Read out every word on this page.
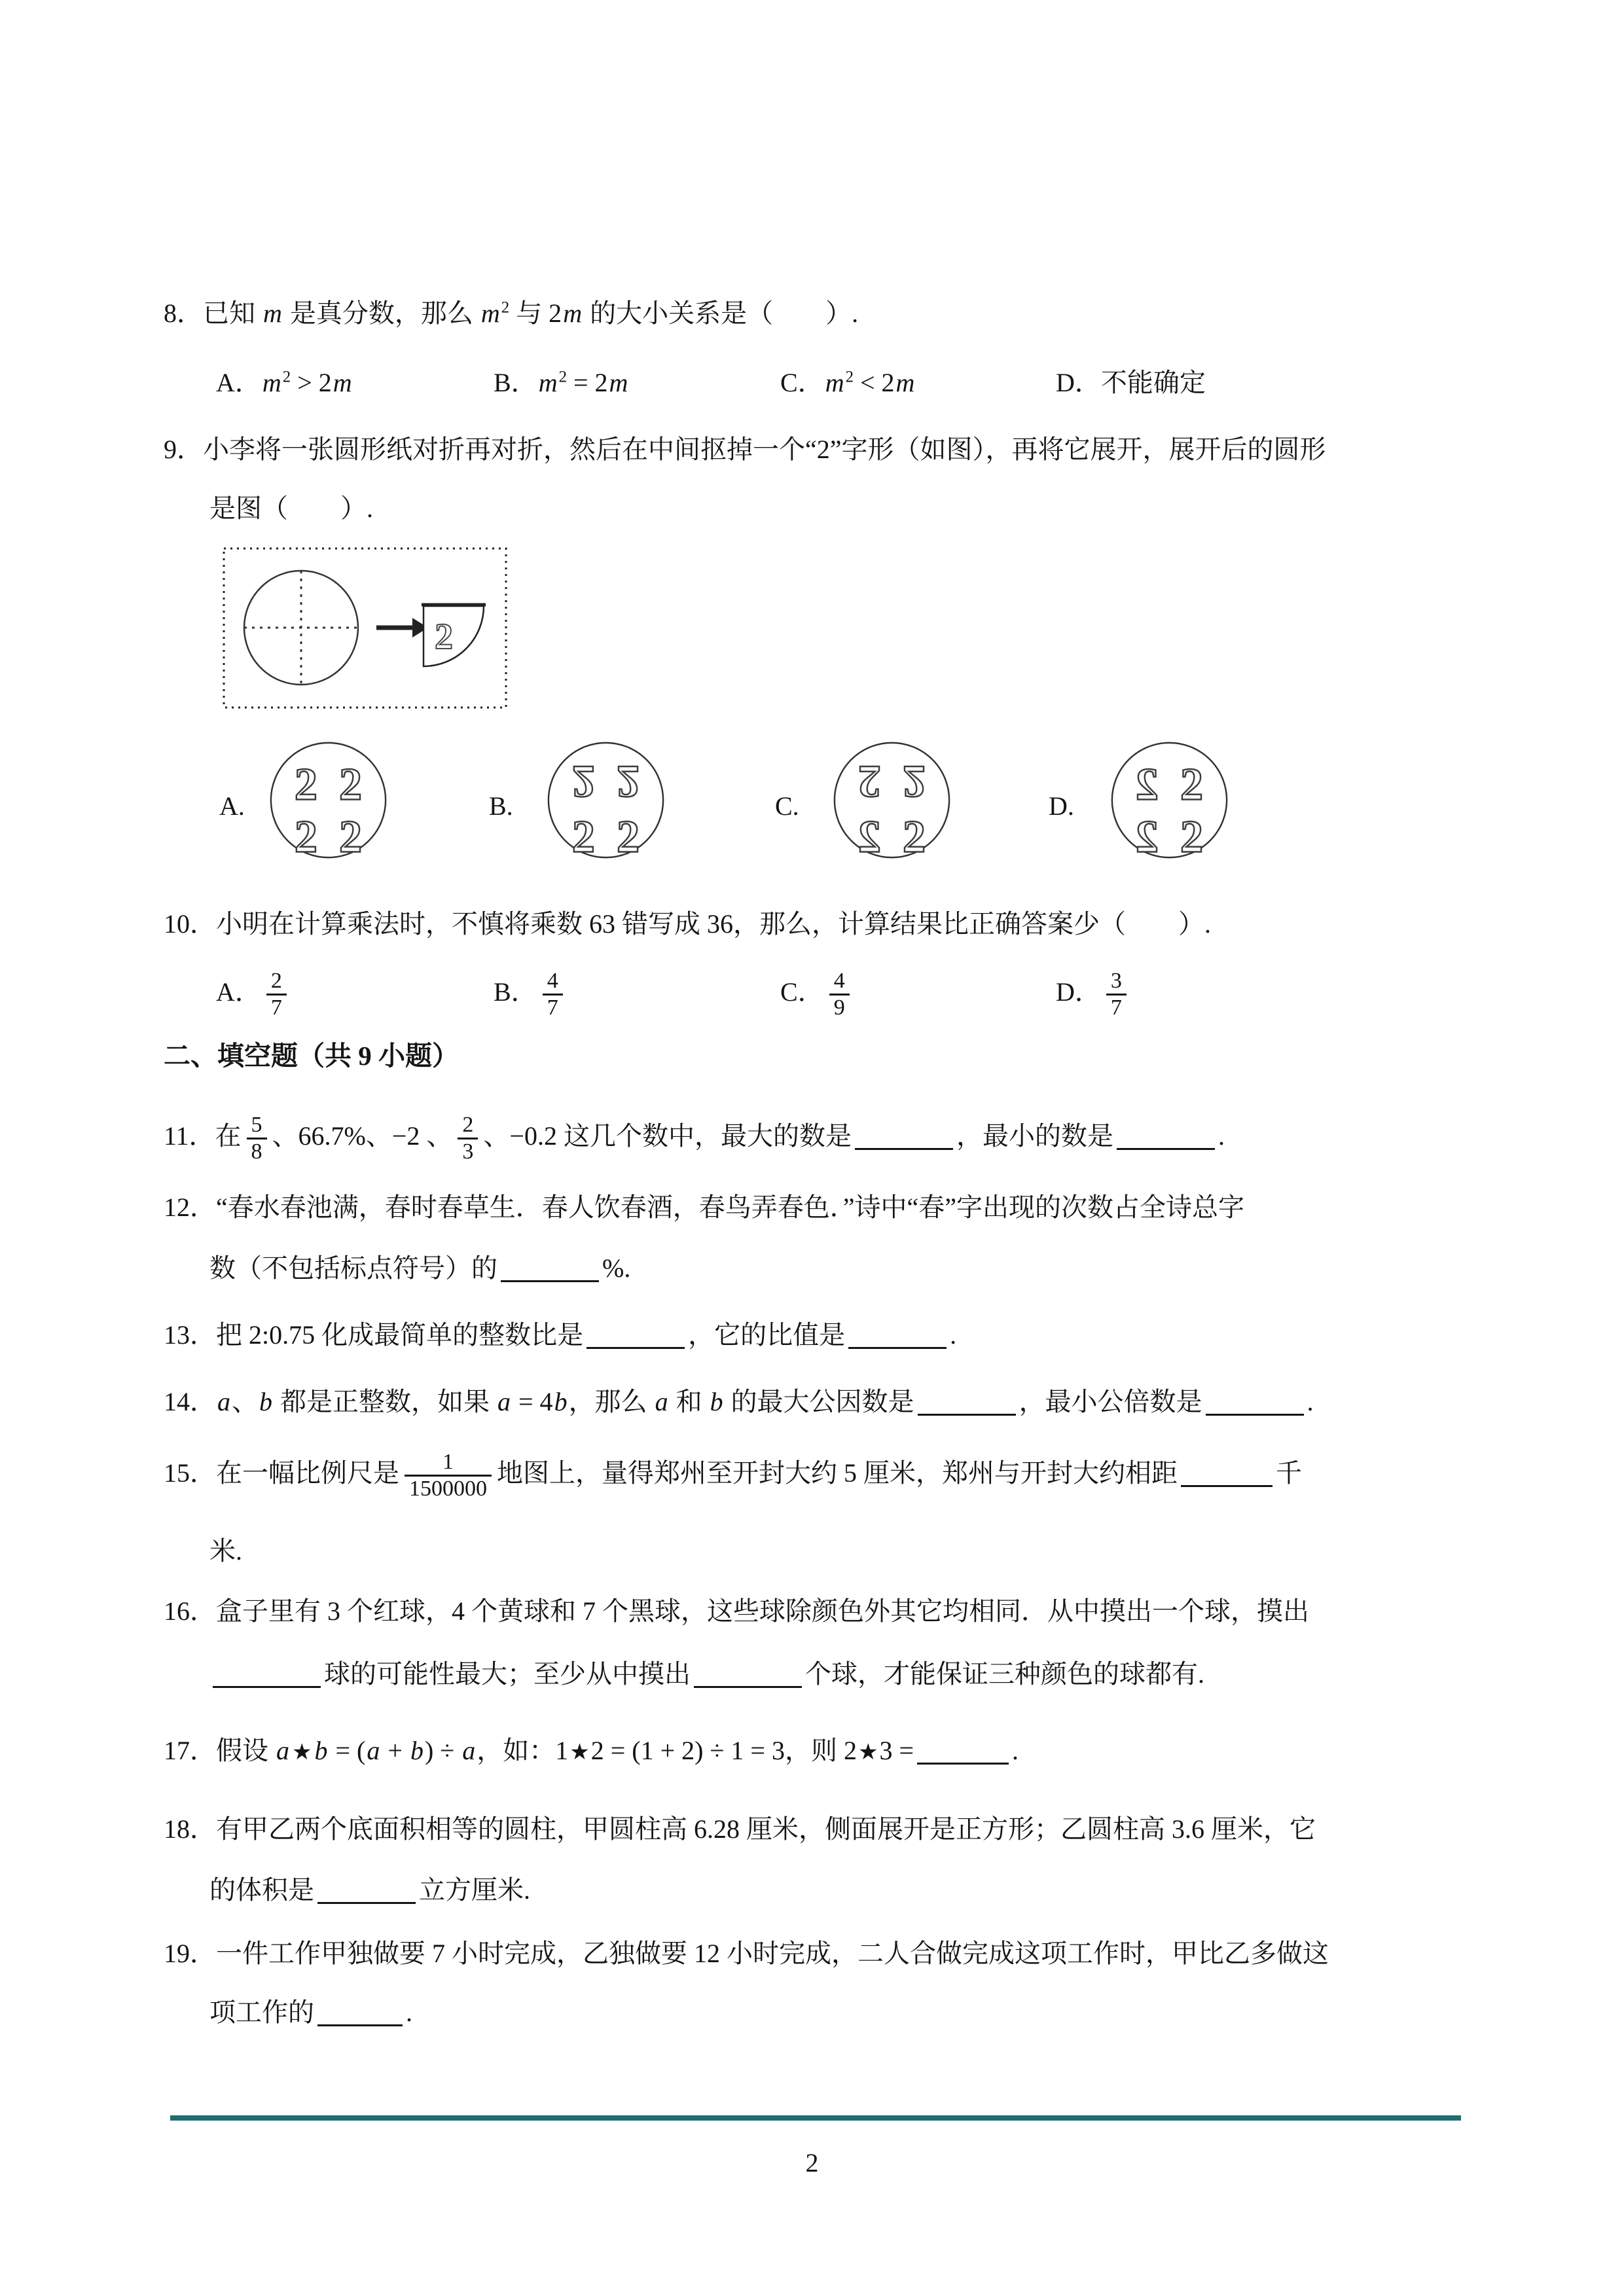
8．已知 m 是真分数，那么 $m^2$ 与 2m 的大小关系是（　　）.
A．$m^2 > 2m$	B．$m^2 = 2m$	C．$m^2 < 2m$	D．不能确定
9．小李将一张圆形纸对折再对折，然后在中间抠掉一个“2”字形（如图），再将它展开，展开后的圆形
是图（　　）.
2
A.	B.	C.	D.
2 2
2 2
2 2
2 2
2 2
2 2
2 2
2 2
10．小明在计算乘法时，不慎将乘数 63 错写成 36，那么，计算结果比正确答案少（　　）.
A． $\frac{2}{7}$	B． $\frac{4}{7}$	C． $\frac{4}{9}$	D． $\frac{3}{7}$
二、填空题（共 9 小题）
11．在 $\frac{5}{8}$ 、66.7%、−2 、 $\frac{2}{3}$ 、−0.2 这几个数中，最大的数是	，最小的数是	.
12．“春水春池满，春时春草生．春人饮春酒，春鸟弄春色．”诗中“春”字出现的次数占全诗总字
数（不包括标点符号）的	%.
13．把 2:0.75 化成最简单的整数比是	，它的比值是	.
14．a、b 都是正整数，如果 a = 4b，那么 a 和 b 的最大公因数是	，最小公倍数是	.
15．在一幅比例尺是 $\frac{1}{1500000}$ 地图上，量得郑州至开封大约 5 厘米，郑州与开封大约相距	千
米.
16．盒子里有 3 个红球，4 个黄球和 7 个黑球，这些球除颜色外其它均相同．从中摸出一个球，摸出
球的可能性最大；至少从中摸出	个球，才能保证三种颜色的球都有.
17．假设 a ★ b = (a + b) ÷ a，如：1★2 = (1 + 2) ÷ 1 = 3，则 2★3 =	.
18．有甲乙两个底面积相等的圆柱，甲圆柱高 6.28 厘米，侧面展开是正方形；乙圆柱高 3.6 厘米，它
的体积是	立方厘米.
19．一件工作甲独做要 7 小时完成，乙独做要 12 小时完成，二人合做完成这项工作时，甲比乙多做这
项工作的	.
2
